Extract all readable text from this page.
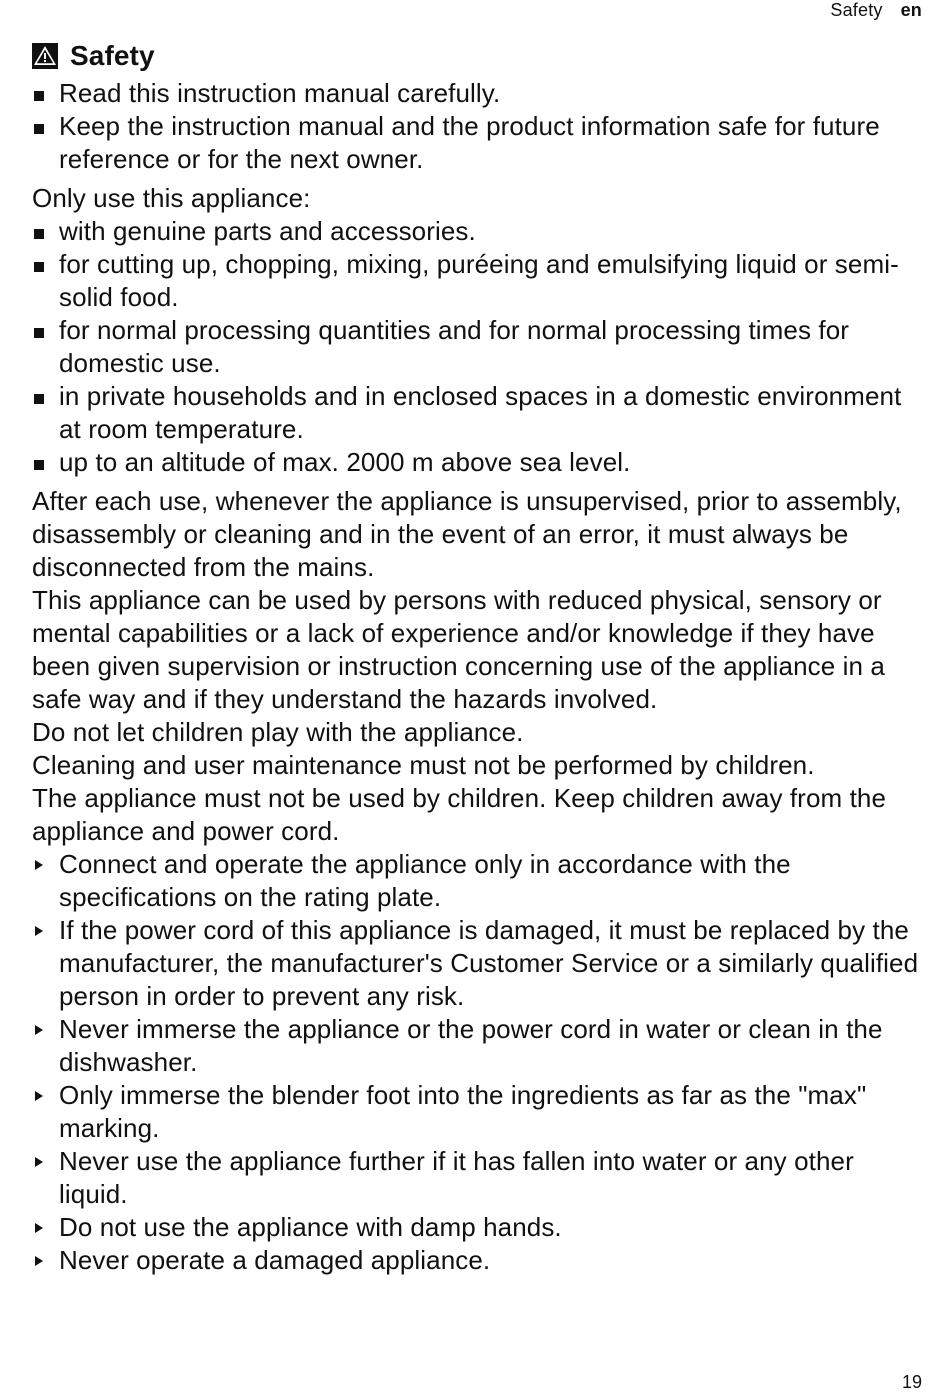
Safety en
Safety
Read this instruction manual carefully.
Keep the instruction manual and the product information safe for future reference or for the next owner.

Only use this appliance:

with genuine parts and accessories.
for cutting up, chopping, mixing, puréeing and emulsifying liquid or semi-solid food.
for normal processing quantities and for normal processing times for domestic use.
in private households and in enclosed spaces in a domestic environment at room temperature.
up to an altitude of max. 2000 m above sea level.

After each use, whenever the appliance is unsupervised, prior to assembly, disassembly or cleaning and in the event of an error, it must always be disconnected from the mains.

This appliance can be used by persons with reduced physical, sensory or mental capabilities or a lack of experience and/or knowledge if they have been given supervision or instruction concerning use of the appliance in a safe way and if they understand the hazards involved.

Do not let children play with the appliance.

Cleaning and user maintenance must not be performed by children.

The appliance must not be used by children. Keep children away from the appliance and power cord.

Connect and operate the appliance only in accordance with the specifications on the rating plate.
If the power cord of this appliance is damaged, it must be replaced by the manufacturer, the manufacturer's Customer Service or a similarly qualified person in order to prevent any risk.
Never immerse the appliance or the power cord in water or clean in the dishwasher.
Only immerse the blender foot into the ingredients as far as the "max" marking.
Never use the appliance further if it has fallen into water or any other liquid.
Do not use the appliance with damp hands.
Never operate a damaged appliance.
19
